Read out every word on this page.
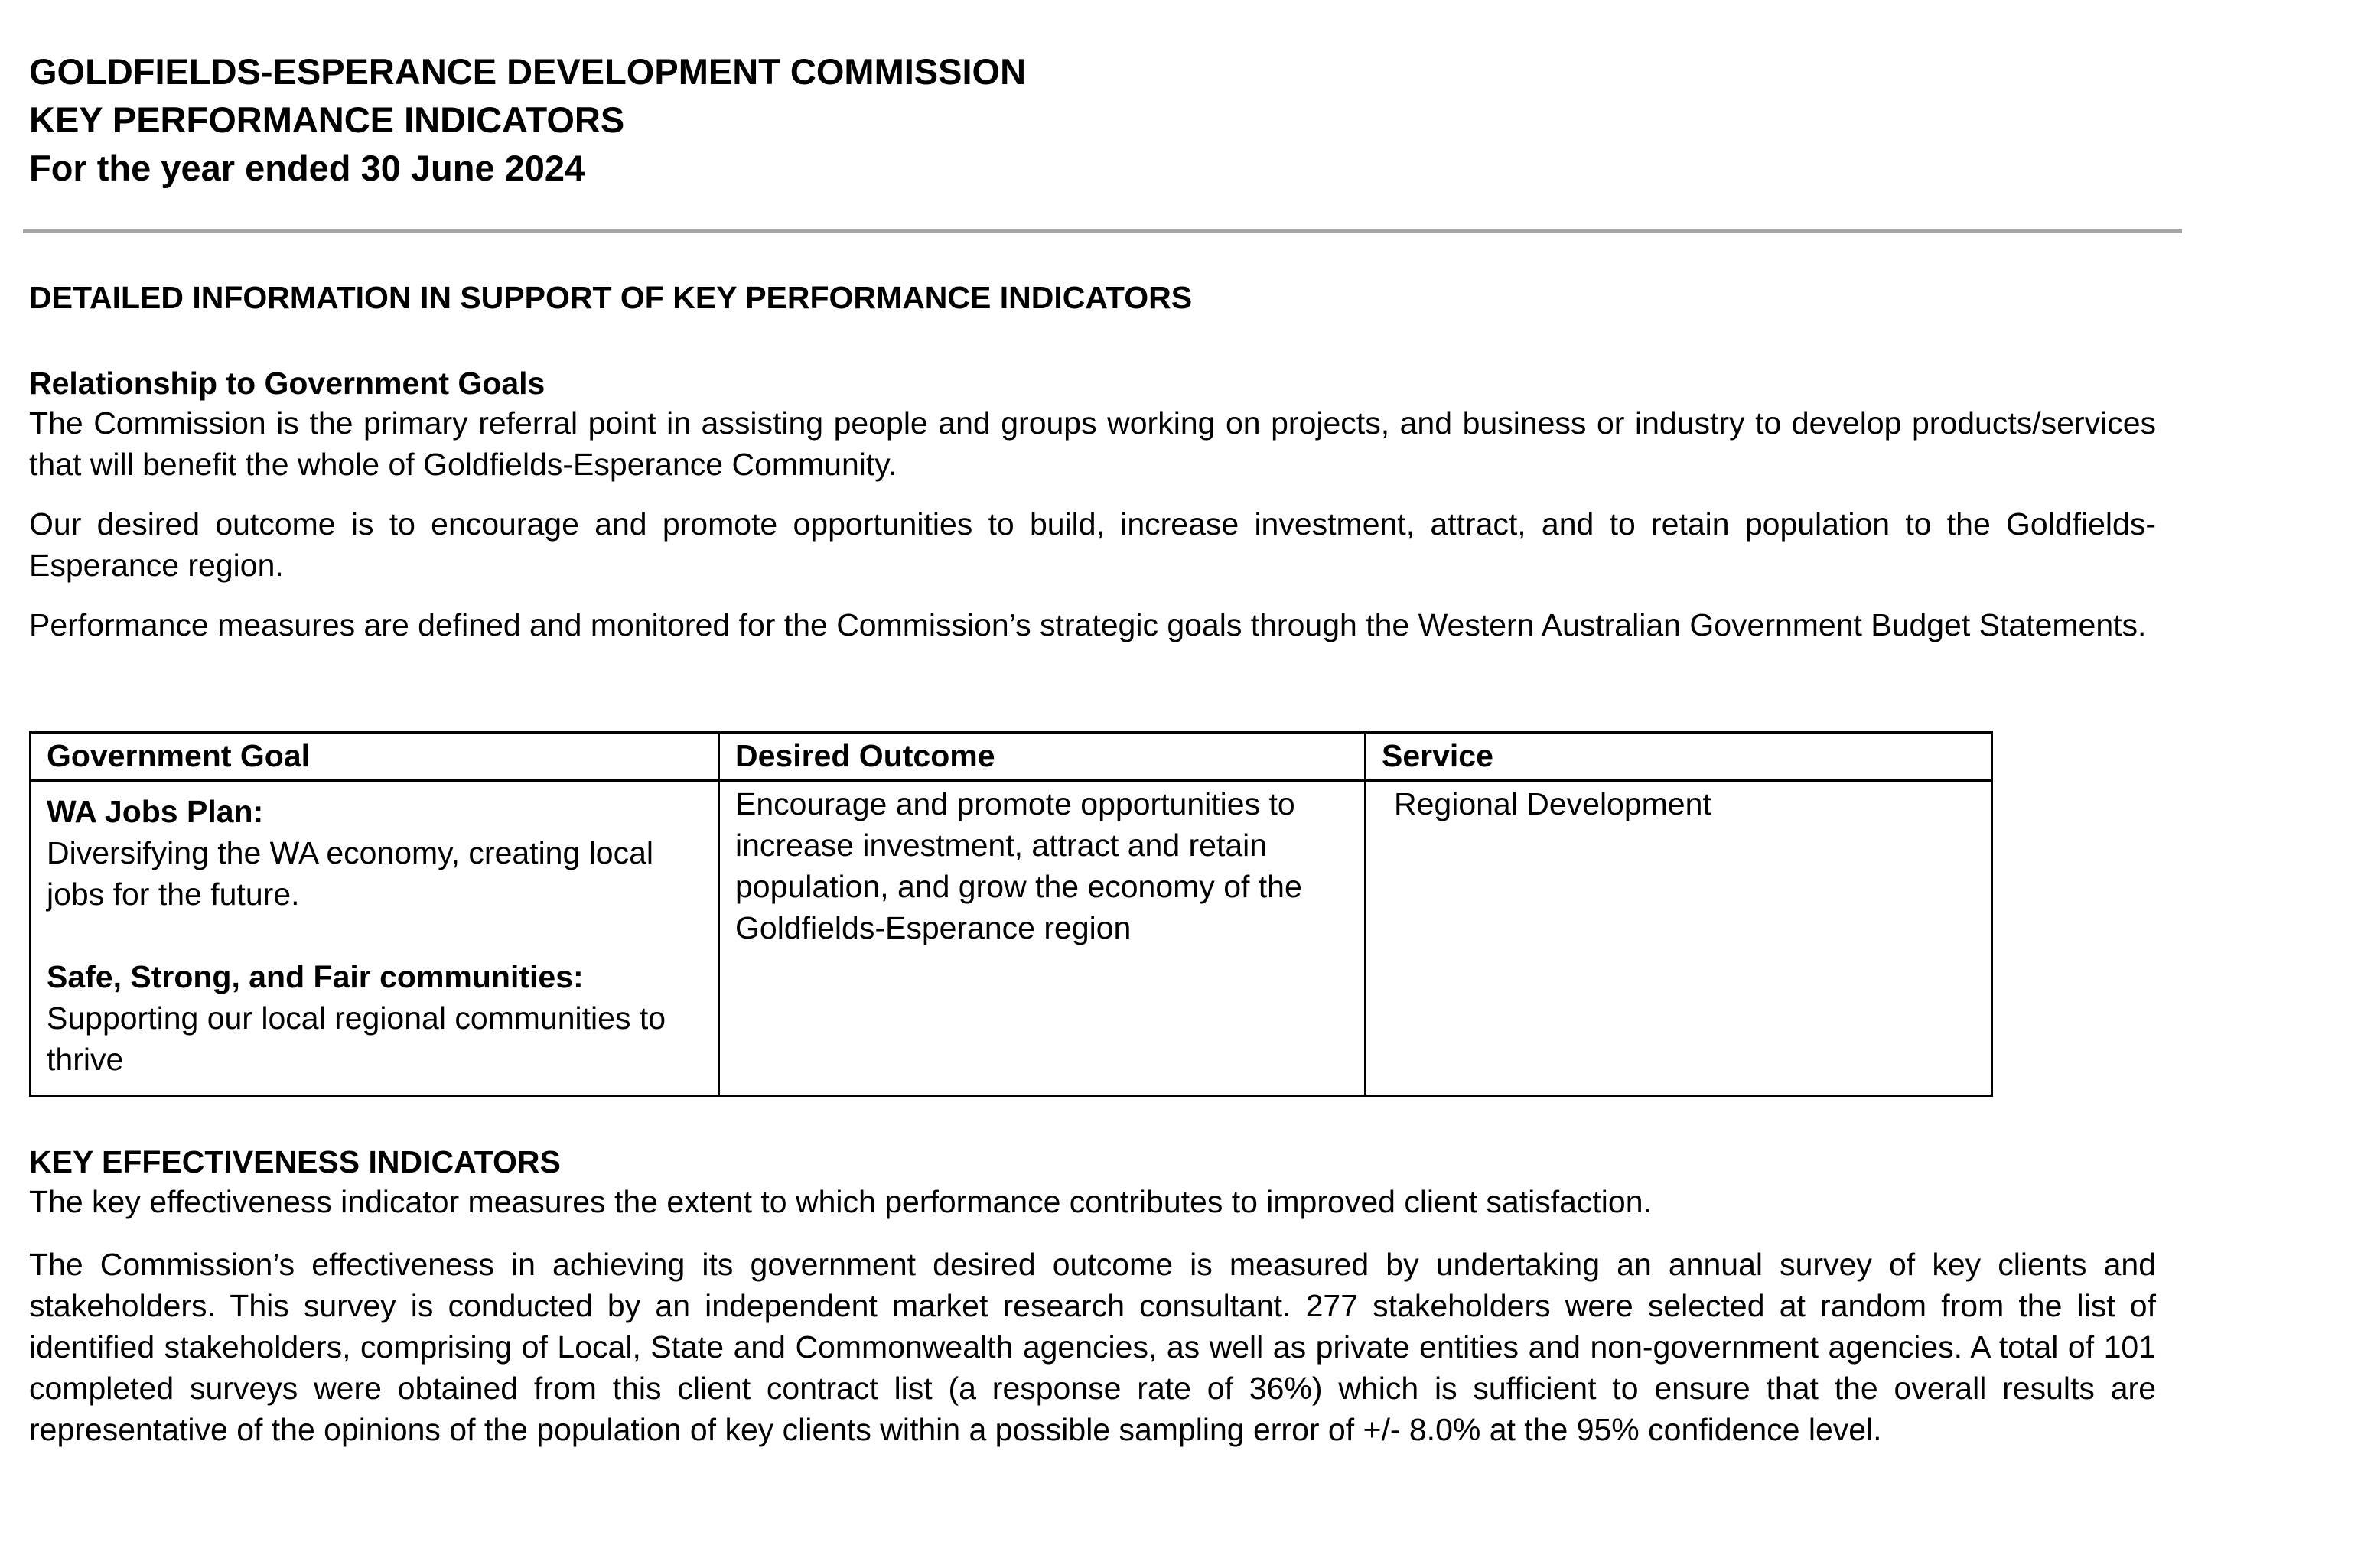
GOLDFIELDS-ESPERANCE DEVELOPMENT COMMISSION

KEY PERFORMANCE INDICATORS

For the year ended 30 June 2024

DETAILED INFORMATION IN SUPPORT OF KEY PERFORMANCE INDICATORS

Relationship to Government Goals

The Commission is the primary referral point in assisting people and groups working on projects, and business or industry to develop products/services that will benefit the whole of Goldfields-Esperance Community.

Our desired outcome is to encourage and promote opportunities to build, increase investment, attract, and to retain population to the Goldfields-Esperance region.

Performance measures are defined and monitored for the Commission’s strategic goals through the Western Australian Government Budget Statements.

Government Goal	Desired Outcome	Service

WA Jobs Plan:
Diversifying the WA economy, creating local jobs for the future.
Safe, Strong, and Fair communities:
Supporting our local regional communities to thrive	Encourage and promote opportunities to increase investment, attract and retain population, and grow the economy of the Goldfields-Esperance region	Regional Development

KEY EFFECTIVENESS INDICATORS

The key effectiveness indicator measures the extent to which performance contributes to improved client satisfaction.

The Commission’s effectiveness in achieving its government desired outcome is measured by undertaking an annual survey of key clients and stakeholders. This survey is conducted by an independent market research consultant. 277 stakeholders were selected at random from the list of identified stakeholders, comprising of Local, State and Commonwealth agencies, as well as private entities and non-government agencies. A total of 101 completed surveys were obtained from this client contract list (a response rate of 36%) which is sufficient to ensure that the overall results are representative of the opinions of the population of key clients within a possible sampling error of +/- 8.0% at the 95% confidence level.
